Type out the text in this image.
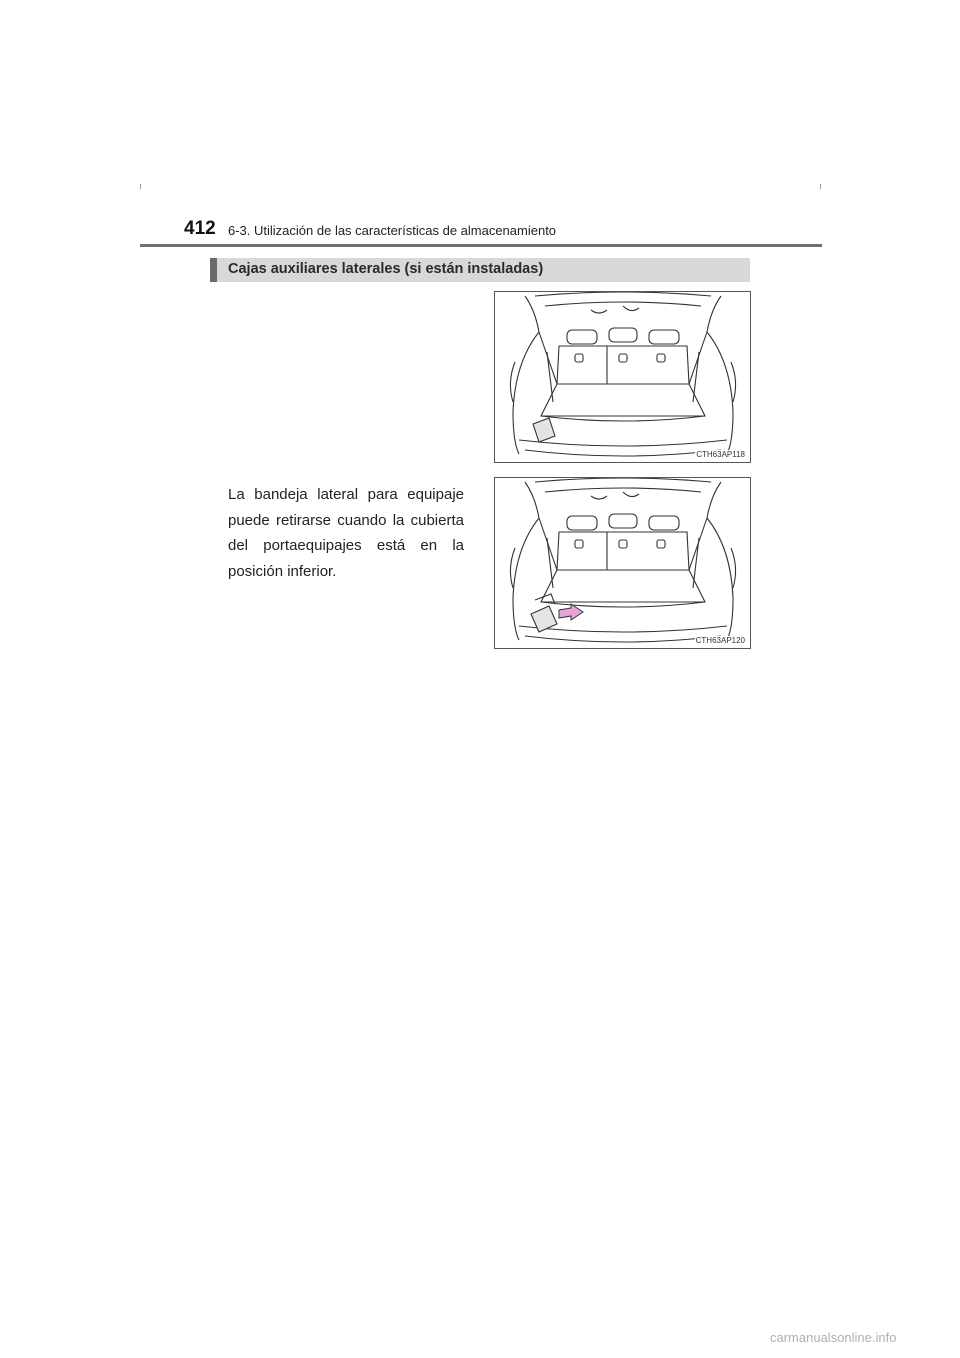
412 6-3. Utilización de las características de almacenamiento
Cajas auxiliares laterales (si están instaladas)
CTH63AP118
CTH63AP120
La bandeja lateral para equipaje puede retirarse cuando la cubierta del portaequipajes está en la posición inferior.
carmanualsonline.info
